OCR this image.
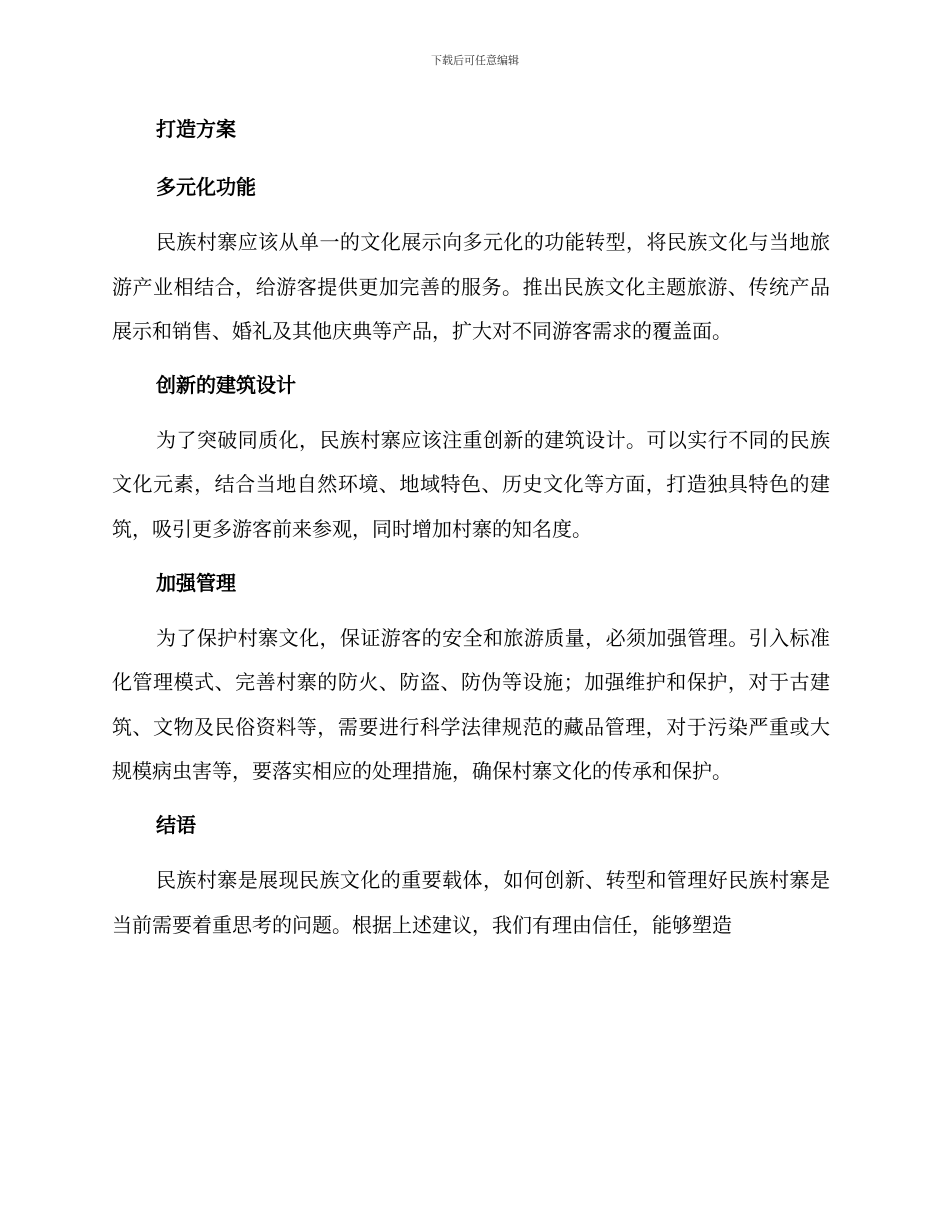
下载后可任意编辑
打造方案
多元化功能

民族村寨应该从单一的文化展示向多元化的功能转型，将民族文化与当地旅游产业相结合，给游客提供更加完善的服务。推出民族文化主题旅游、传统产品展示和销售、婚礼及其他庆典等产品，扩大对不同游客需求的覆盖面。

创新的建筑设计

为了突破同质化，民族村寨应该注重创新的建筑设计。可以实行不同的民族文化元素，结合当地自然环境、地域特色、历史文化等方面，打造独具特色的建筑，吸引更多游客前来参观，同时增加村寨的知名度。

加强管理

为了保护村寨文化，保证游客的安全和旅游质量，必须加强管理。引入标准化管理模式、完善村寨的防火、防盗、防伪等设施；加强维护和保护，对于古建筑、文物及民俗资料等，需要进行科学法律规范的藏品管理，对于污染严重或大规模病虫害等，要落实相应的处理措施，确保村寨文化的传承和保护。

结语

民族村寨是展现民族文化的重要载体，如何创新、转型和管理好民族村寨是当前需要着重思考的问题。根据上述建议，我们有理由信任，能够塑造
